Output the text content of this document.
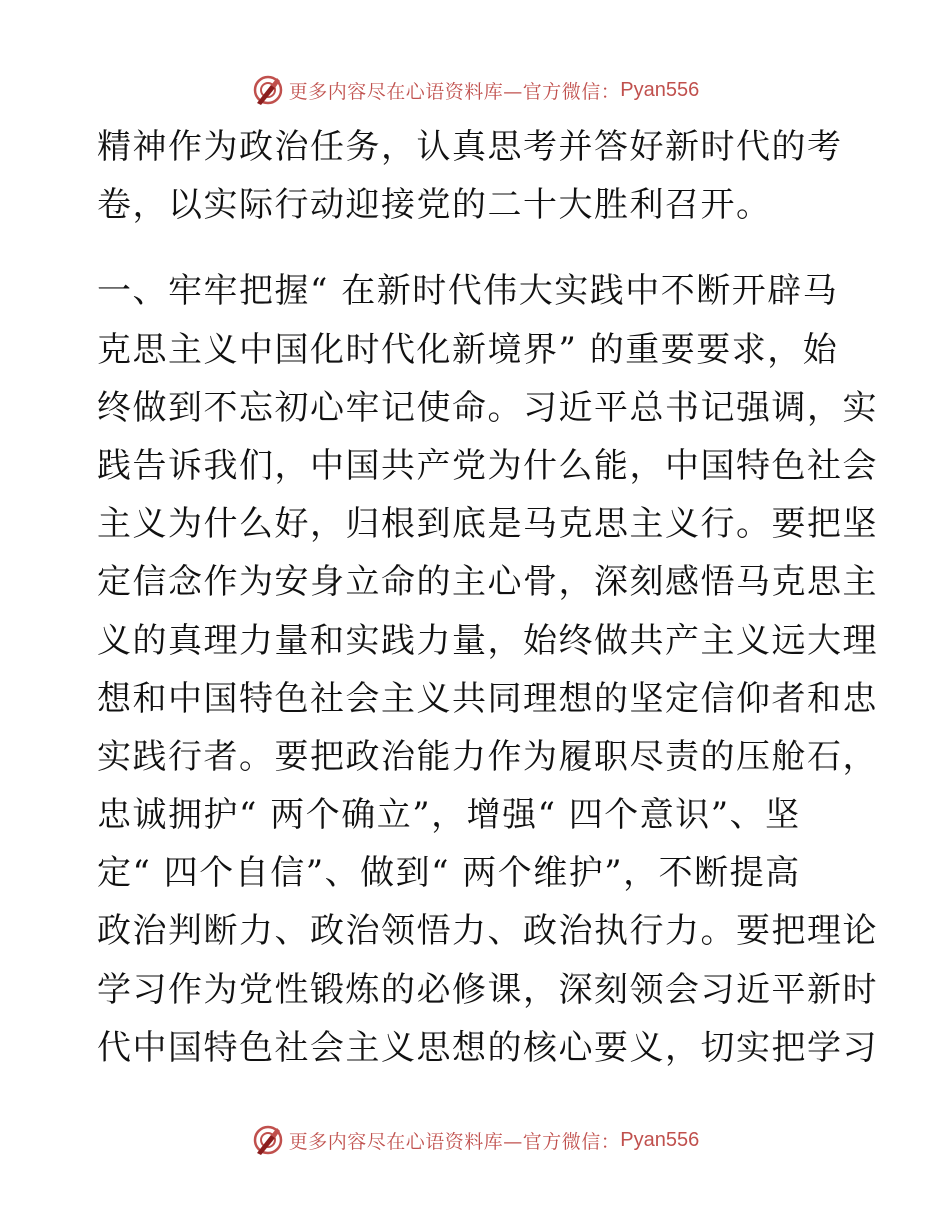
更多内容尽在心语资料库—官方微信： Pyan556
精神作为政治任务，认真思考并答好新时代的考
卷，以实际行动迎接党的二十大胜利召开。
一、牢牢把握“ 在新时代伟大实践中不断开辟马
克思主义中国化时代化新境界” 的重要要求，始
终做到不忘初心牢记使命。习近平总书记强调，实
践告诉我们，中国共产党为什么能，中国特色社会
主义为什么好，归根到底是马克思主义行。要把坚
定信念作为安身立命的主心骨，深刻感悟马克思主
义的真理力量和实践力量，始终做共产主义远大理
想和中国特色社会主义共同理想的坚定信仰者和忠
实践行者。要把政治能力作为履职尽责的压舱石，
忠诚拥护“ 两个确立”，增强“ 四个意识”、坚
定“ 四个自信”、做到“ 两个维护”，不断提高
政治判断力、政治领悟力、政治执行力。要把理论
学习作为党性锻炼的必修课，深刻领会习近平新时
代中国特色社会主义思想的核心要义，切实把学习
更多内容尽在心语资料库—官方微信： Pyan556
